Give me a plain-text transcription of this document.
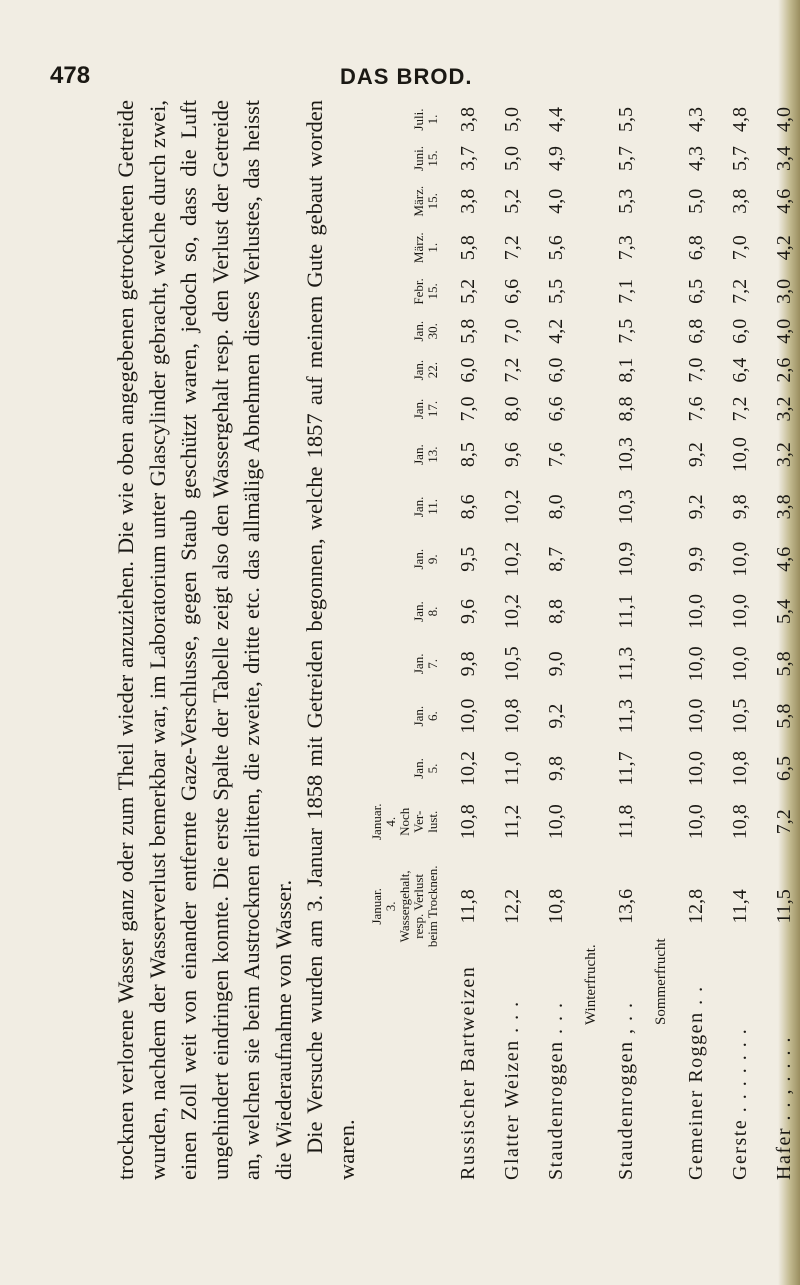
478	DAS BROD.

trocknen verlorene Wasser ganz oder zum Theil wieder anzuziehen. Die wie oben angegebenen getrockneten Getreide wurden, nachdem der Wasserverlust bemerkbar war, im Laboratorium unter Glascylinder gebracht, welche durch zwei, einen Zoll weit von einander entfernte Gaze-Verschlusse, gegen Staub geschützt waren, jedoch so, dass die Luft ungehindert eindringen konnte. Die erste Spalte der Tabelle zeigt also den Wassergehalt resp. den Verlust der Getreide an, welchen sie beim Austrocknen erlitten, die zweite, dritte etc. das allmälige Abnehmen dieses Verlustes, das heisst die Wiederaufnahme von Wasser. Die Versuche wurden am 3. Januar 1858 mit Getreiden begonnen, welche 1857 auf meinem Gute gebaut worden waren.

	Januar.
3.
Wassergehalt,
resp. Verlust
beim Trocknen.	Januar.
4.
Noch
Ver-
lust.	Jan.
5.	Jan.
6.	Jan.
7.	Jan.
8.	Jan.
9.	Jan.
11.	Jan.
13.	Jan.
17.	Jan.
22.	Jan.
30.	Febr.
15.	März.
1.	März.
15.	Juni.
15.	Juli.
1.
Russischer Bartweizen	11,8	10,8	10,2	10,0	9,8	9,6	9,5	8,6	8,5	7,0	6,0	5,8	5,2	5,8	3,8	3,7	3,8
Glatter Weizen . . .	12,2	11,2	11,0	10,8	10,5	10,2	10,2	10,2	9,6	8,0	7,2	7,0	6,6	7,2	5,2	5,0	5,0
Staudenroggen . . .	10,8	10,0	9,8	9,2	9,0	8,8	8,7	8,0	7,6	6,6	6,0	4,2	5,5	5,6	4,0	4,9	4,4
Winterfrucht.																	
Staudenroggen , . .	13,6	11,8	11,7	11,3	11,3	11,1	10,9	10,3	10,3	8,8	8,1	7,5	7,1	7,3	5,3	5,7	5,5
Sommerfrucht																	
Gemeiner Roggen . .	12,8	10,0	10,0	10,0	10,0	10,0	9,9	9,2	9,2	7,6	7,0	6,8	6,5	6,8	5,0	4,3	4,3
Gerste . . . . . . .	11,4	10,8	10,8	10,5	10,0	10,0	10,0	9,8	10,0	7,2	6,4	6,0	7,2	7,0	3,8	5,7	4,8
Hafer . . , . . . .	11,5	7,2	6,5	5,8	5,8	5,4	4,6	3,8	3,2	3,2	2,6	4,0	3,0	4,2	4,6	3,4	4,0
